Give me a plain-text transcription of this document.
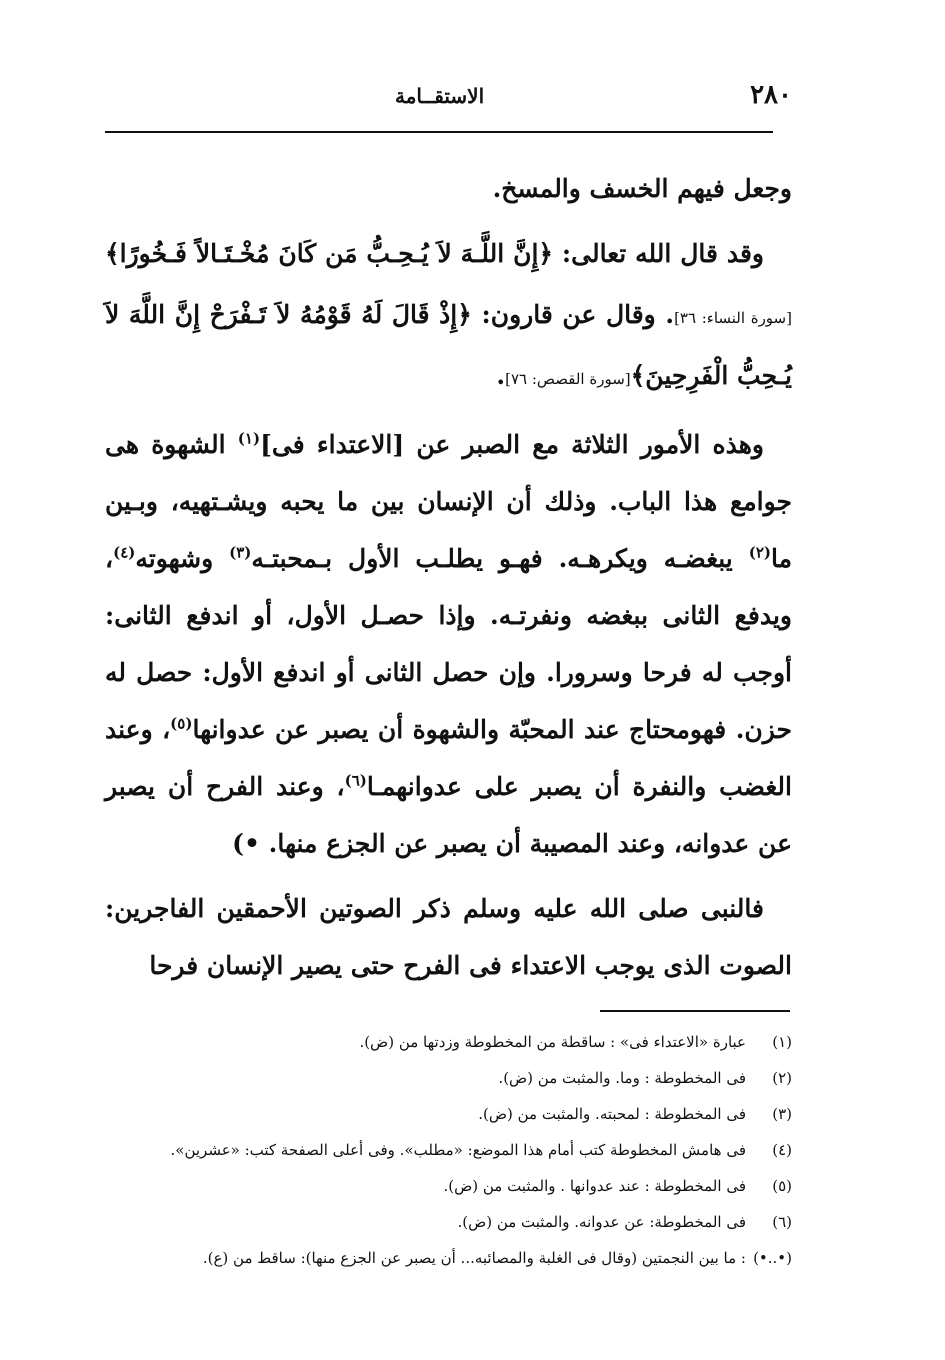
٢٨٠
الاستقــامة

وجعل فيهم الخسف والمسخ.

وقد قال الله تعالى: ﴿إِنَّ اللَّـهَ لاَ يُـحِـبُّ مَن كَانَ مُخْـتَـالاً فَـخُورًا﴾ [سورة النساء: ٣٦]. وقال عن قارون: ﴿إِذْ قَالَ لَهُ قَوْمُهُ لاَ تَـفْرَحْ إِنَّ اللَّهَ لاَ يُـحِبُّ الْفَرِحِينَ﴾[سورة القصص: ٧٦].

وهذه الأمور الثلاثة مع الصبر عن [الاعتداء فى]$^{(١)}$ الشهوة هى جوامع هذا الباب. وذلك أن الإنسان بين ما يحبه ويشـتهيه، وبـين ما$^{(٢)}$ يبغضـه ويكرهـه. فهـو يطلـب الأول بـمحبتـه$^{(٣)}$ وشهوته$^{(٤)}$، ويدفع الثانى ببغضه ونفرتـه. وإذا حصـل الأول، أو اندفع الثانى: أوجب له فرحا وسرورا. وإن حصل الثانى أو اندفع الأول: حصل له حزن. فهومحتاج عند المحبّة والشهوة أن يصبر عن عدوانها$^{(٥)}$، وعند الغضب والنفرة أن يصبر على عدوانهمـا$^{(٦)}$، وعند الفرح أن يصبر عن عدوانه، وعند المصيبة أن يصبر عن الجزع منها. •)

فالنبى صلى الله عليه وسلم ذكر الصوتين الأحمقين الفاجرين: الصوت الذى يوجب الاعتداء فى الفرح حتى يصير الإنسان فرحا

(١)عبارة «الاعتداء فى» : ساقطة من المخطوطة وزدتها من (ض).
(٢)فى المخطوطة : وما. والمثبت من (ض).
(٣)فى المخطوطة : لمحبته. والمثبت من (ض).
(٤)فى هامش المخطوطة كتب أمام هذا الموضع: «مطلب». وفى أعلى الصفحة كتب: «عشرين».
(٥)فى المخطوطة : عند عدوانها . والمثبت من (ض).
(٦)فى المخطوطة: عن عدوانه. والمثبت من (ض).
(•..•): ما بين النجمتين (وقال فى الغلبة والمصائبه... أن يصبر عن الجزع منها): ساقط من (ع).
